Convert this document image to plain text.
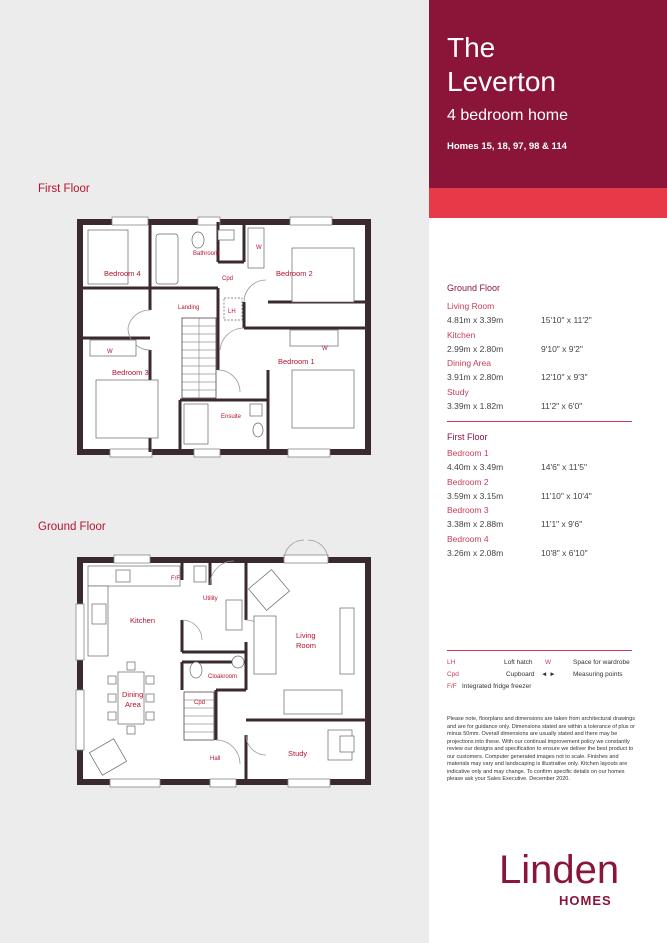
First Floor
Ground Floor
Bedroom 4
Bathroom
Bedroom 2
Cpd
LH
Landing
Bedroom 3
Bedroom 1
Ensuite
W
W
W
Kitchen
F/F
Utility
Living
Room
Cloakroom
Dining
Area	Cpd
Study
Hall
The
Leverton
4 bedroom home
Homes 15, 18, 97, 98 & 114
Ground Floor
Living Room
4.81m x 3.39m	15'10" x 11'2"
Kitchen
2.99m x 2.80m	9'10" x 9'2"
Dining Area
3.91m x 2.80m	12'10" x 9'3"
Study
3.39m x 1.82m	11'2" x 6'0"
First Floor
Bedroom 1
4.40m x 3.49m	14'6" x 11'5"
Bedroom 2
3.59m x 3.15m	11'10" x 10'4"
Bedroom 3
3.38m x 2.88m	11'1" x 9'6"
Bedroom 4
3.26m x 2.08m	10'8" x 6'10"
LH	Loft hatch W	Space for wardrobe
Cpd	Cupboard ◄ ►	Measuring points
F/F Integrated fridge freezer
Please note, floorplans and dimensions are taken from architectural drawings and are for guidance only. Dimensions stated are within a tolerance of plus or minus 50mm. Overall dimensions are usually stated and there may be projections into these. With our continual improvement policy we constantly review our designs and specification to ensure we deliver the best product to our customers. Computer generated images not to scale. Finishes and materials may vary and landscaping is illustrative only. Kitchen layouts are indicative only and may change. To confirm specific details on our homes please ask your Sales Executive. December 2020.
Linden
HOMES
